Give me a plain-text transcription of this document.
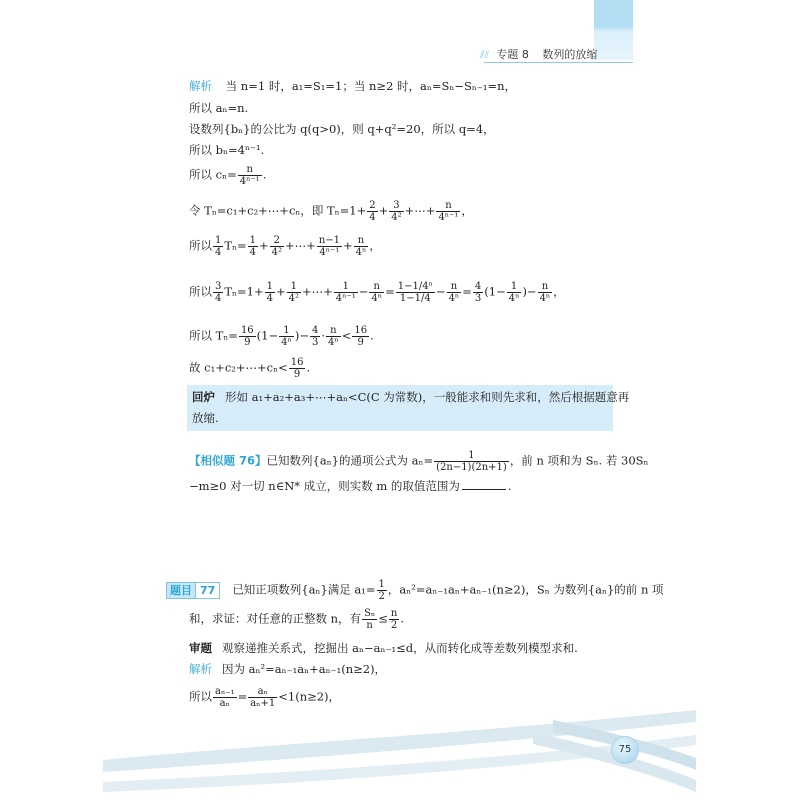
⫽⫽ 专题 8 数列的放缩
解析 当 n=1 时，a₁=S₁=1；当 n≥2 时，aₙ=Sₙ−Sₙ₋₁=n，
所以 aₙ=n.
设数列{bₙ}的公比为 q(q>0)，则 q+q²=20，所以 q=4，
所以 bₙ=4ⁿ⁻¹.
所以 $c_n= \frac{n}{\text{4ⁿ⁻¹}}$ .
令 Tₙ=c₁+c₂+⋯+cₙ，即 $T_n=1+ \frac{2}{4} + \frac{3}{\text{4²}}$ +⋯+ $\frac{n}{\text{4ⁿ⁻¹}}$ ，
所以 $\frac{1}{4} T_n= \frac{1}{4} + \frac{2}{\text{4²}}$ +⋯+ $\frac{n-1}{\text{4ⁿ⁻¹}} + \frac{n}{\text{4ⁿ}}$ ，
所以 $\frac{3}{4} T_n=1+ \frac{1}{4} + \frac{1}{\text{4²}}$ +⋯+ $\frac{1}{\text{4ⁿ⁻¹}} - \frac{n}{\text{4ⁿ}} = \frac{\text{1−1/4ⁿ}}{1-1/4} - \frac{n}{\text{4ⁿ}} = \frac{4}{3} (1- \frac{1}{\text{4ⁿ}}$ )− $\frac{n}{\text{4ⁿ}}$ ，
所以 $T_n= \frac{16}{9} (1- \frac{1}{\text{4ⁿ}}$ )− $\frac{4}{3} \cdot \frac{n}{\text{4ⁿ}} < \frac{16}{9}$ .
故 c₁+c₂+⋯+cₙ< $\frac{16}{9}$ .
回炉 形如 a₁+a₂+a₃+⋯+aₙ<C(C 为常数)，一般能求和则先求和，然后根据题意再
放缩.
【相似题 76】已知数列{aₙ}的通项公式为 $a_n= \frac{1}{(2n-1)(2n+1)}$ ，前 n 项和为 Sₙ. 若 30Sₙ
−m≥0 对一切 n∈N* 成立，则实数 m 的取值范围为	.
题目 77	已知正项数列{aₙ}满足 $a_1= \frac{1}{2}$ ，aₙ²=aₙ₋₁aₙ+aₙ₋₁(n≥2)，Sₙ 为数列{aₙ}的前 n 项
和，求证：对任意的正整数 n，有 $\frac{\text{Sₙ}}{n} \le \frac{n}{2}$ .
审题 观察递推关系式，挖掘出 aₙ−aₙ₋₁≤d，从而转化成等差数列模型求和.
解析 因为 aₙ²=aₙ₋₁aₙ+aₙ₋₁(n≥2)，
所以 $\frac{\text{aₙ₋₁}}{\text{aₙ}} = \frac{\text{aₙ}}{\text{aₙ+1}} <1(n\ge 2)$，
75
